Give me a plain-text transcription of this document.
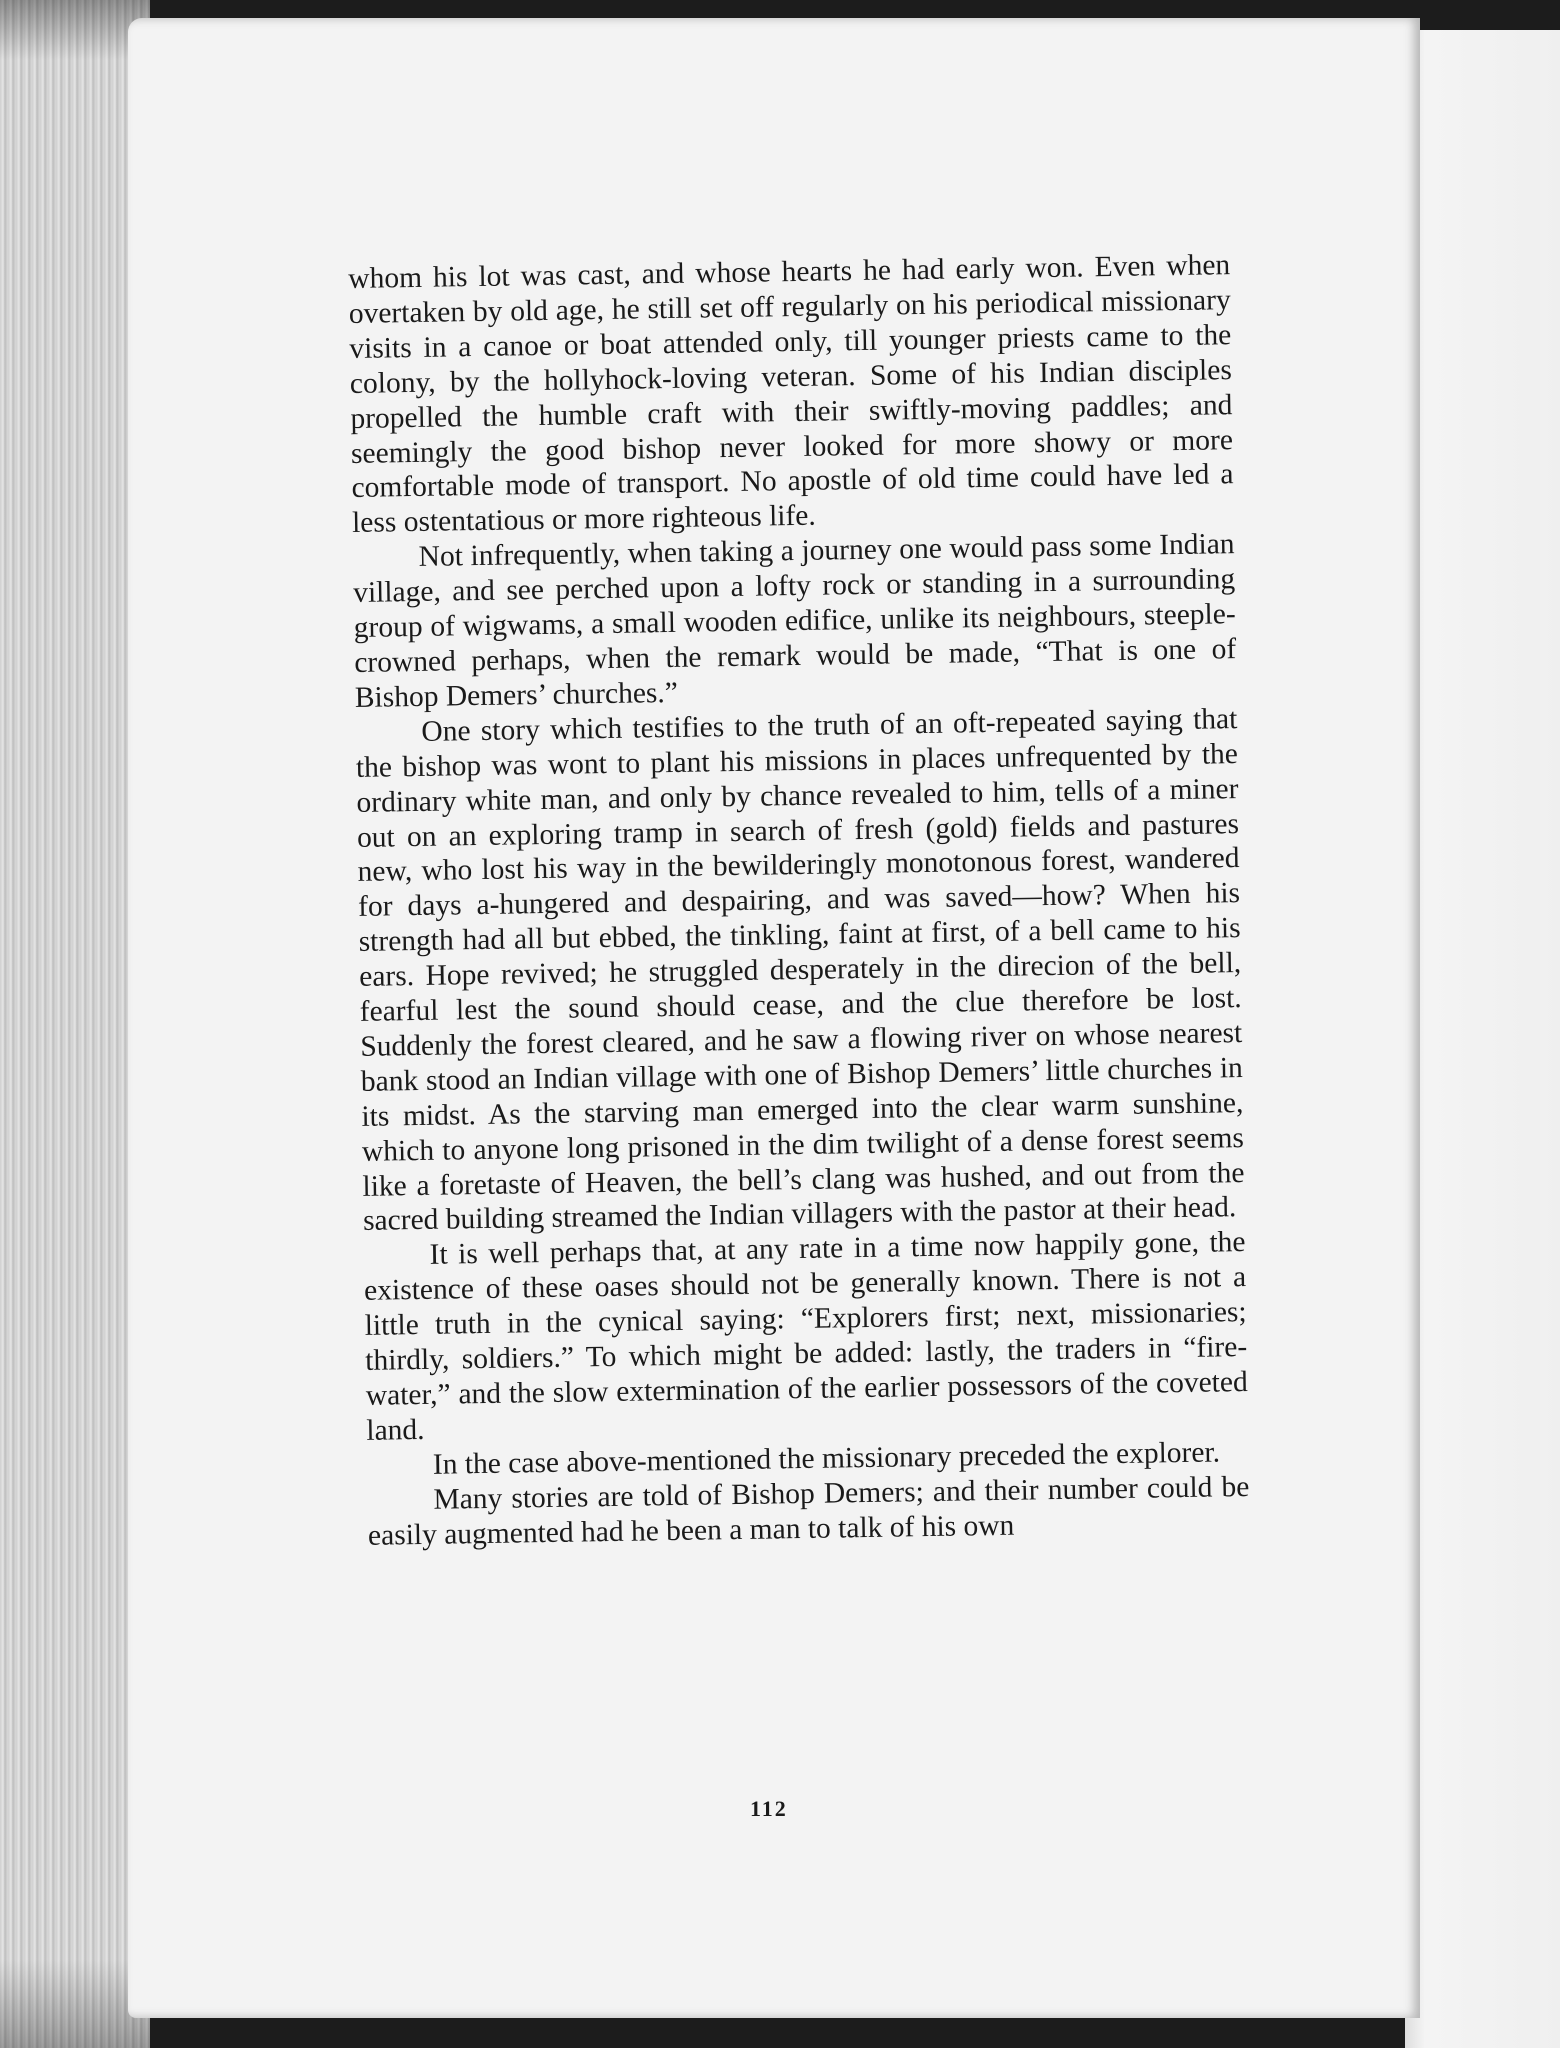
whom his lot was cast, and whose hearts he had early won. Even when overtaken by old age, he still set off regularly on his periodical missionary visits in a canoe or boat attended only, till younger priests came to the colony, by the hollyhock-loving veteran. Some of his Indian disciples propelled the humble craft with their swiftly-moving paddles; and seemingly the good bishop never looked for more showy or more comfortable mode of transport. No apostle of old time could have led a less ostentatious or more righteous life.

Not infrequently, when taking a journey one would pass some Indian village, and see perched upon a lofty rock or standing in a surrounding group of wigwams, a small wooden edifice, unlike its neighbours, steeple-crowned perhaps, when the remark would be made, “That is one of Bishop Demers’ churches.”

One story which testifies to the truth of an oft-repeated saying that the bishop was wont to plant his missions in places unfrequented by the ordinary white man, and only by chance revealed to him, tells of a miner out on an exploring tramp in search of fresh (gold) fields and pastures new, who lost his way in the bewilderingly monotonous forest, wandered for days a-hungered and despairing, and was saved—how? When his strength had all but ebbed, the tinkling, faint at first, of a bell came to his ears. Hope revived; he struggled desperately in the direcion of the bell, fearful lest the sound should cease, and the clue therefore be lost. Suddenly the forest cleared, and he saw a flowing river on whose nearest bank stood an Indian village with one of Bishop Demers’ little churches in its midst. As the starving man emerged into the clear warm sunshine, which to anyone long prisoned in the dim twilight of a dense forest seems like a foretaste of Heaven, the bell’s clang was hushed, and out from the sacred building streamed the Indian villagers with the pastor at their head.

It is well perhaps that, at any rate in a time now happily gone, the existence of these oases should not be generally known. There is not a little truth in the cynical saying: “Explorers first; next, missionaries; thirdly, soldiers.” To which might be added: lastly, the traders in “fire-water,” and the slow extermination of the earlier possessors of the coveted land.

In the case above-mentioned the missionary preceded the explorer.

Many stories are told of Bishop Demers; and their number could be easily augmented had he been a man to talk of his own

112
